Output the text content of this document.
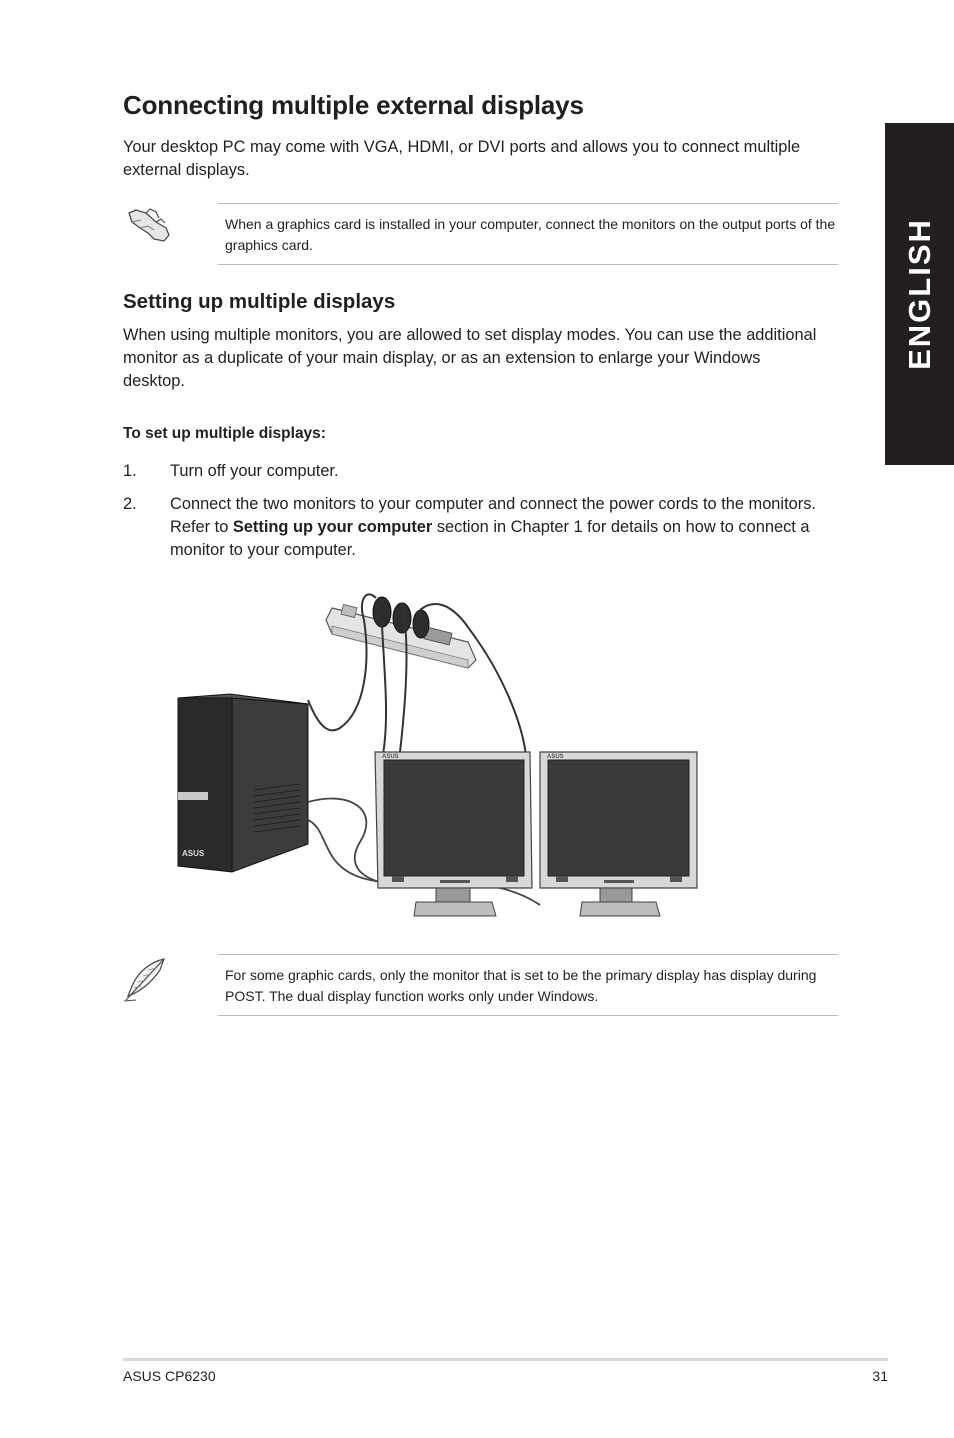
Connecting multiple external displays
Your desktop PC may come with VGA, HDMI, or DVI ports and allows you to connect multiple external displays.
When a graphics card is installed in your computer, connect the monitors on the output ports of the graphics card.
Setting up multiple displays
When using multiple monitors, you are allowed to set display modes. You can use the additional monitor as a duplicate of your main display, or as an extension to enlarge your Windows desktop.
To set up multiple displays:
1. Turn off your computer.
2. Connect the two monitors to your computer and connect the power cords to the monitors. Refer to Setting up your computer section in Chapter 1 for details on how to connect a monitor to your computer.
ASUS
ASUS	ASUS
For some graphic cards, only the monitor that is set to be the primary display has display during POST. The dual display function works only under Windows.
ENGLISH
ASUS CP6230	31
